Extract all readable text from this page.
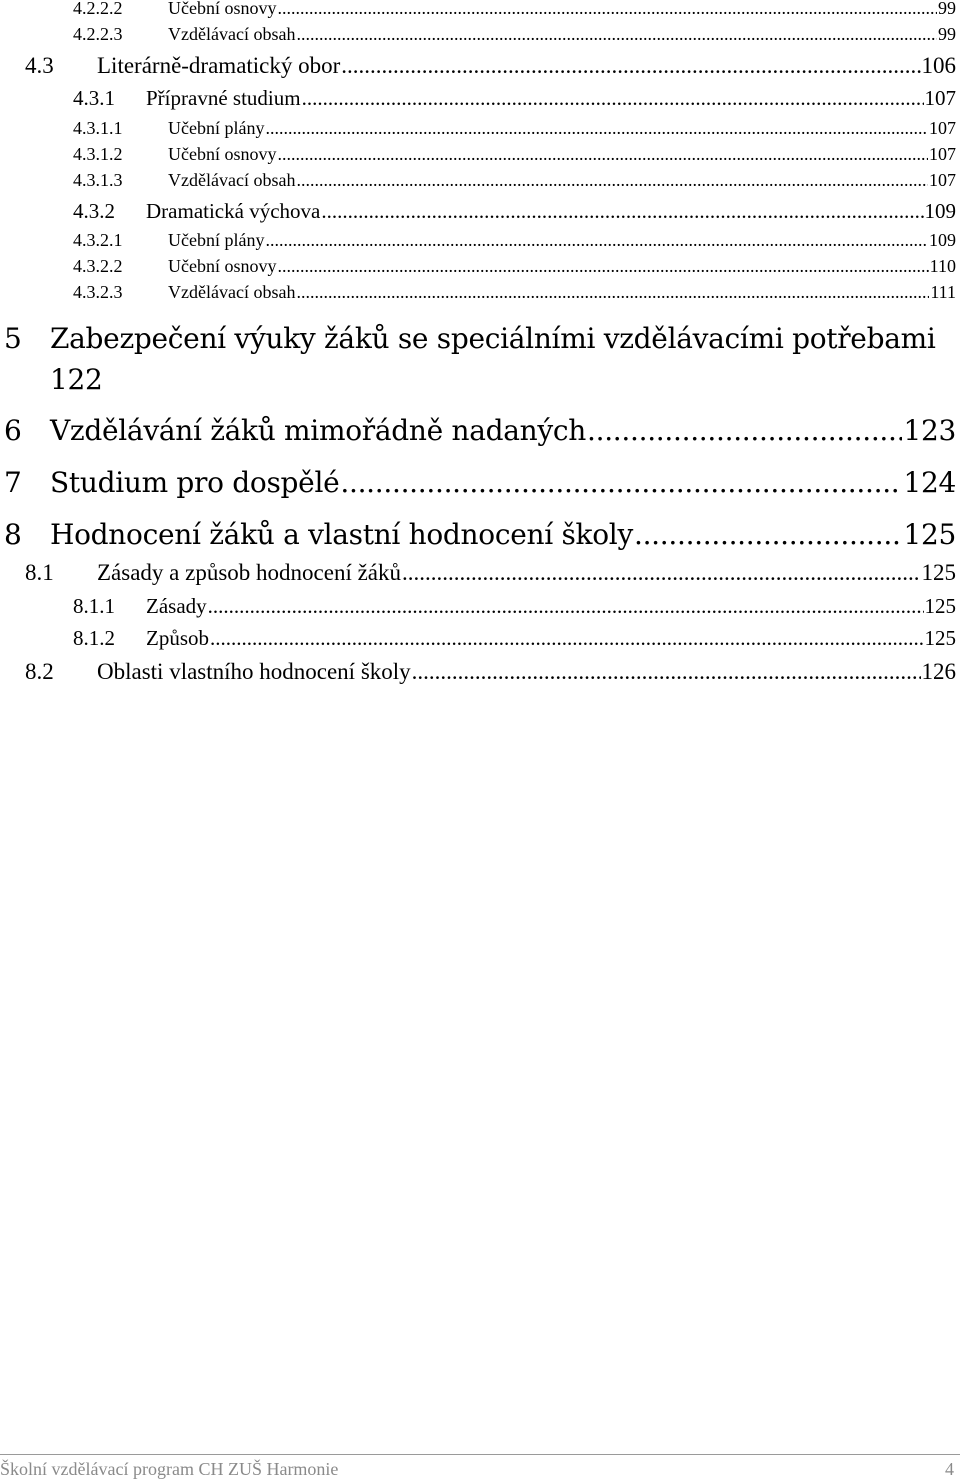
4.2.2.2	Učební osnovy .....	99
4.2.2.3	Vzdělávací obsah .....	99
4.3	Literárně-dramatický obor .....	106
4.3.1	Přípravné studium .....	107
4.3.1.1	Učební plány .....	107
4.3.1.2	Učební osnovy .....	107
4.3.1.3	Vzdělávací obsah .....	107
4.3.2	Dramatická výchova .....	109
4.3.2.1	Učební plány .....	109
4.3.2.2	Učební osnovy .....	110
4.3.2.3	Vzdělávací obsah .....	111
5 Zabezpečení výuky žáků se speciálními vzdělávacími potřebami
122
6	Vzdělávání žáků mimořádně nadaných .....	123
7	Studium pro dospělé .....	124
8	Hodnocení žáků a vlastní hodnocení školy .....	125
8.1	Zásady a způsob hodnocení žáků .....	125
8.1.1	Zásady .....	125
8.1.2	Způsob .....	125
8.2	Oblasti vlastního hodnocení školy .....	126
Školní vzdělávací program CH ZUŠ Harmonie	4
